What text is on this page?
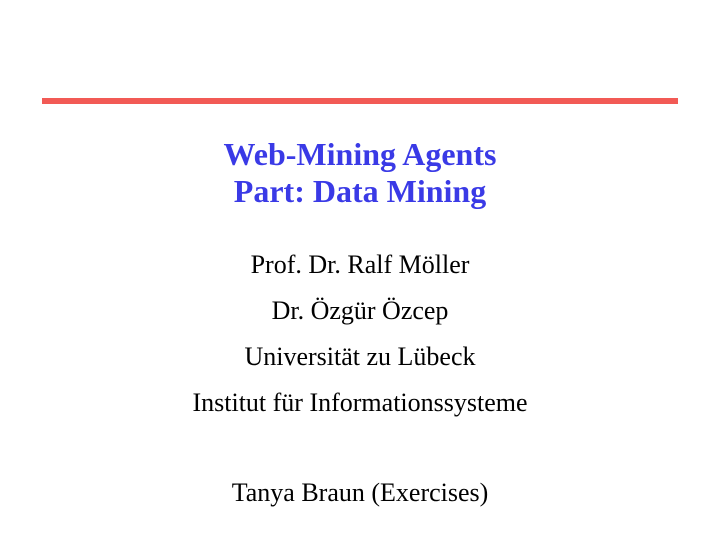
Web-Mining Agents
Part: Data Mining
Prof. Dr. Ralf Möller
Dr. Özgür Özcep
Universität zu Lübeck
Institut für Informationssysteme
Tanya Braun (Exercises)
